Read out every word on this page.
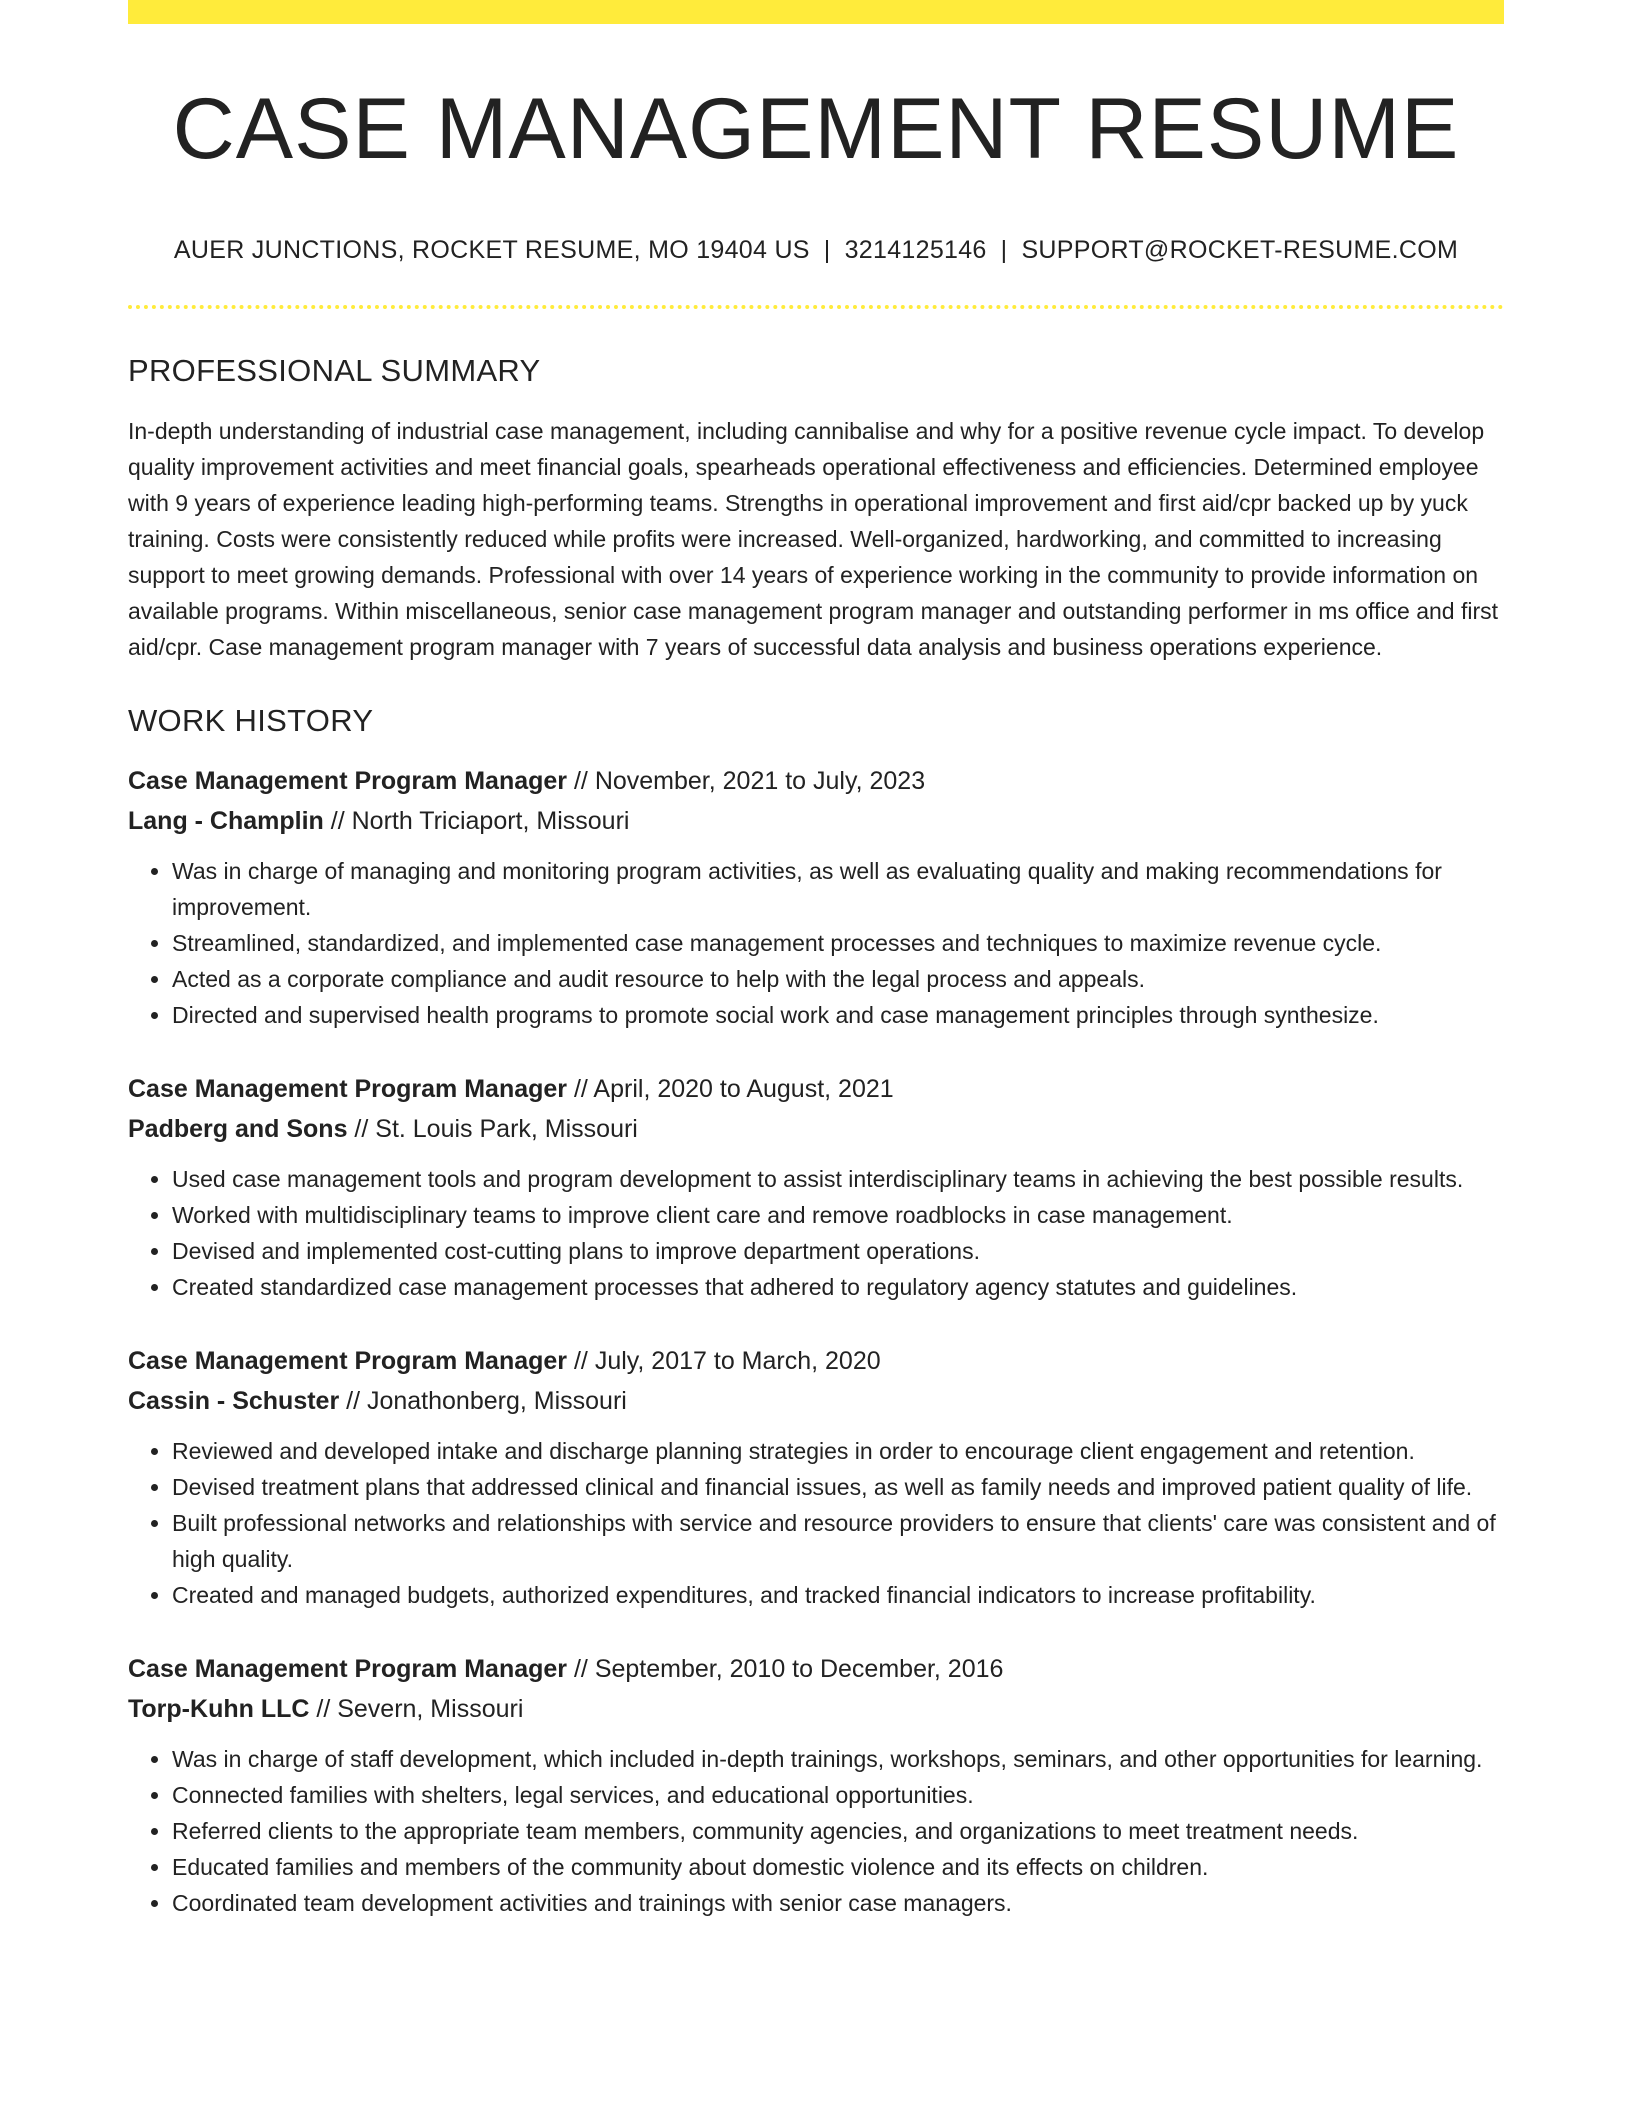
CASE MANAGEMENT RESUME
AUER JUNCTIONS, ROCKET RESUME, MO 19404 US | 3214125146 | SUPPORT@ROCKET-RESUME.COM
PROFESSIONAL SUMMARY

In-depth understanding of industrial case management, including cannibalise and why for a positive revenue cycle impact. To develop quality improvement activities and meet financial goals, spearheads operational effectiveness and efficiencies. Determined employee with 9 years of experience leading high-performing teams. Strengths in operational improvement and first aid/cpr backed up by yuck training. Costs were consistently reduced while profits were increased. Well-organized, hardworking, and committed to increasing support to meet growing demands. Professional with over 14 years of experience working in the community to provide information on available programs. Within miscellaneous, senior case management program manager and outstanding performer in ms office and first aid/cpr. Case management program manager with 7 years of successful data analysis and business operations experience.

WORK HISTORY

Case Management Program Manager // November, 2021 to July, 2023

Lang - Champlin // North Triciaport, Missouri

• Was in charge of managing and monitoring program activities, as well as evaluating quality and making recommendations for improvement.
• Streamlined, standardized, and implemented case management processes and techniques to maximize revenue cycle.
• Acted as a corporate compliance and audit resource to help with the legal process and appeals.
• Directed and supervised health programs to promote social work and case management principles through synthesize.

Case Management Program Manager // April, 2020 to August, 2021

Padberg and Sons // St. Louis Park, Missouri

• Used case management tools and program development to assist interdisciplinary teams in achieving the best possible results.
• Worked with multidisciplinary teams to improve client care and remove roadblocks in case management.
• Devised and implemented cost-cutting plans to improve department operations.
• Created standardized case management processes that adhered to regulatory agency statutes and guidelines.

Case Management Program Manager // July, 2017 to March, 2020

Cassin - Schuster // Jonathonberg, Missouri

• Reviewed and developed intake and discharge planning strategies in order to encourage client engagement and retention.
• Devised treatment plans that addressed clinical and financial issues, as well as family needs and improved patient quality of life.
• Built professional networks and relationships with service and resource providers to ensure that clients' care was consistent and of high quality.
• Created and managed budgets, authorized expenditures, and tracked financial indicators to increase profitability.

Case Management Program Manager // September, 2010 to December, 2016

Torp-Kuhn LLC // Severn, Missouri

• Was in charge of staff development, which included in-depth trainings, workshops, seminars, and other opportunities for learning.
• Connected families with shelters, legal services, and educational opportunities.
• Referred clients to the appropriate team members, community agencies, and organizations to meet treatment needs.
• Educated families and members of the community about domestic violence and its effects on children.
• Coordinated team development activities and trainings with senior case managers.
